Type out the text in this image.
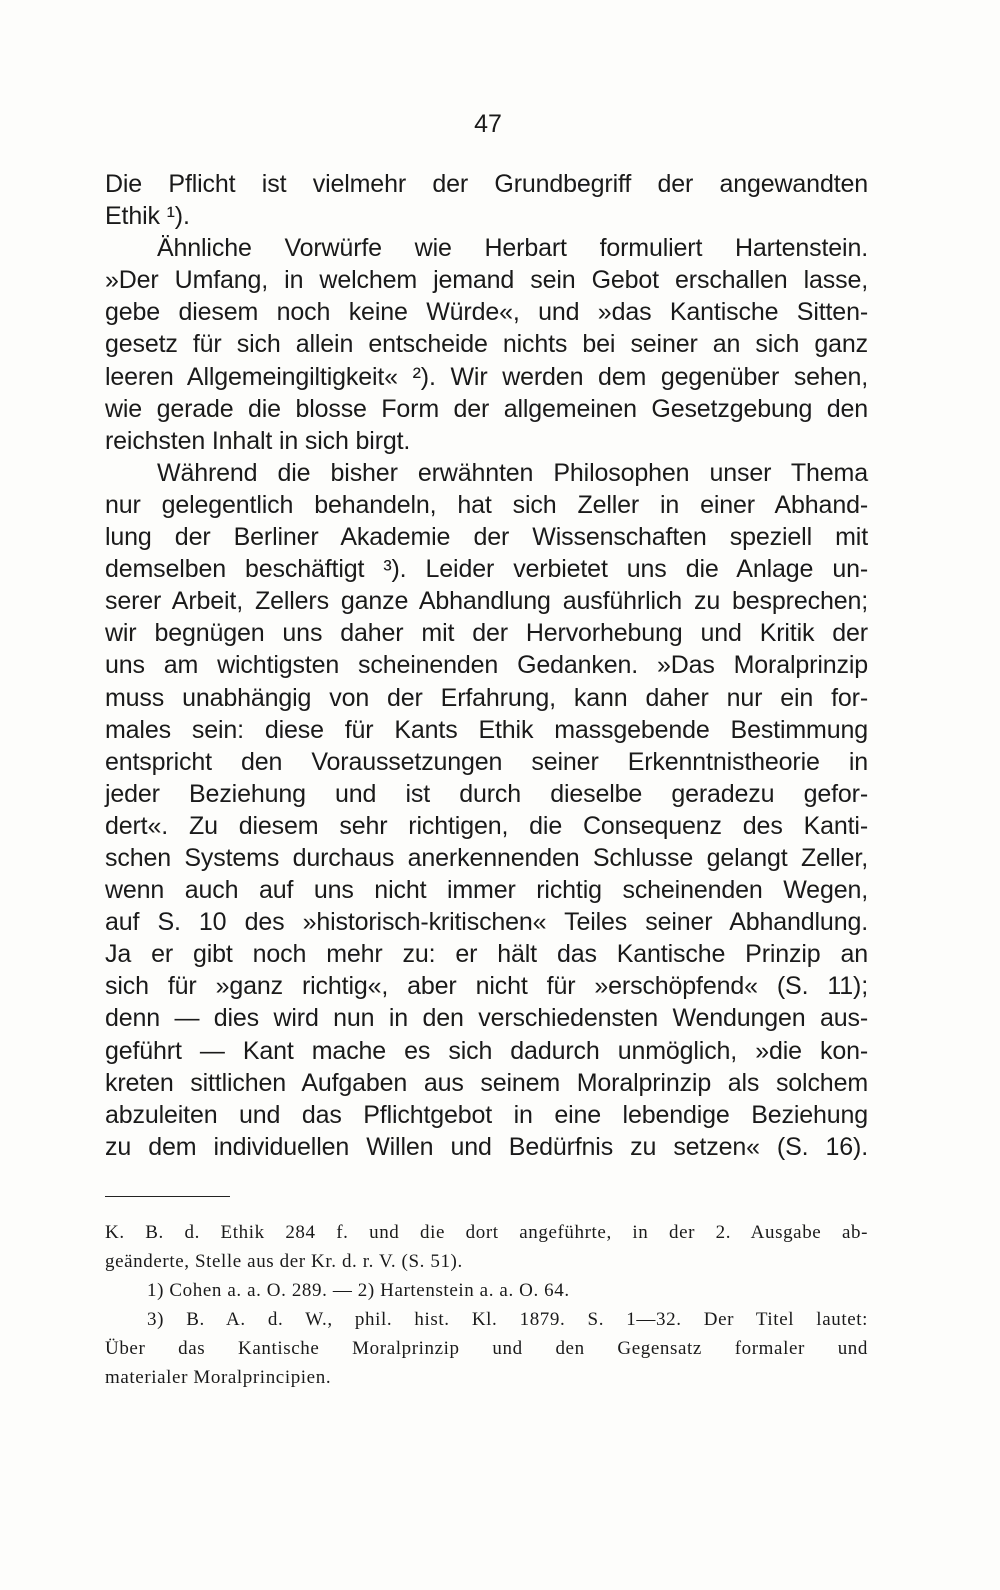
47
Die Pflicht ist vielmehr der Grundbegriff der angewandten
Ethik ¹).
Ähnliche Vorwürfe wie Herbart formuliert Hartenstein.
»Der Umfang, in welchem jemand sein Gebot erschallen lasse,
gebe diesem noch keine Würde«, und »das Kantische Sitten-
gesetz für sich allein entscheide nichts bei seiner an sich ganz
leeren Allgemeingiltigkeit« ²). Wir werden dem gegenüber sehen,
wie gerade die blosse Form der allgemeinen Gesetzgebung den
reichsten Inhalt in sich birgt.
Während die bisher erwähnten Philosophen unser Thema
nur gelegentlich behandeln, hat sich Zeller in einer Abhand-
lung der Berliner Akademie der Wissenschaften speziell mit
demselben beschäftigt ³). Leider verbietet uns die Anlage un-
serer Arbeit, Zellers ganze Abhandlung ausführlich zu besprechen;
wir begnügen uns daher mit der Hervorhebung und Kritik der
uns am wichtigsten scheinenden Gedanken. »Das Moralprinzip
muss unabhängig von der Erfahrung, kann daher nur ein for-
males sein: diese für Kants Ethik massgebende Bestimmung
entspricht den Voraussetzungen seiner Erkenntnistheorie in
jeder Beziehung und ist durch dieselbe geradezu gefor-
dert«. Zu diesem sehr richtigen, die Consequenz des Kanti-
schen Systems durchaus anerkennenden Schlusse gelangt Zeller,
wenn auch auf uns nicht immer richtig scheinenden Wegen,
auf S. 10 des »historisch-kritischen« Teiles seiner Abhandlung.
Ja er gibt noch mehr zu: er hält das Kantische Prinzip an
sich für »ganz richtig«, aber nicht für »erschöpfend« (S. 11);
denn — dies wird nun in den verschiedensten Wendungen aus-
geführt — Kant mache es sich dadurch unmöglich, »die kon-
kreten sittlichen Aufgaben aus seinem Moralprinzip als solchem
abzuleiten und das Pflichtgebot in eine lebendige Beziehung
zu dem individuellen Willen und Bedürfnis zu setzen« (S. 16).
K. B. d. Ethik 284 f. und die dort angeführte, in der 2. Ausgabe ab-
geänderte, Stelle aus der Kr. d. r. V. (S. 51).
1) Cohen a. a. O. 289. — 2) Hartenstein a. a. O. 64.
3) B. A. d. W., phil. hist. Kl. 1879. S. 1—32. Der Titel lautet:
Über das Kantische Moralprinzip und den Gegensatz formaler und
materialer Moralprincipien.
